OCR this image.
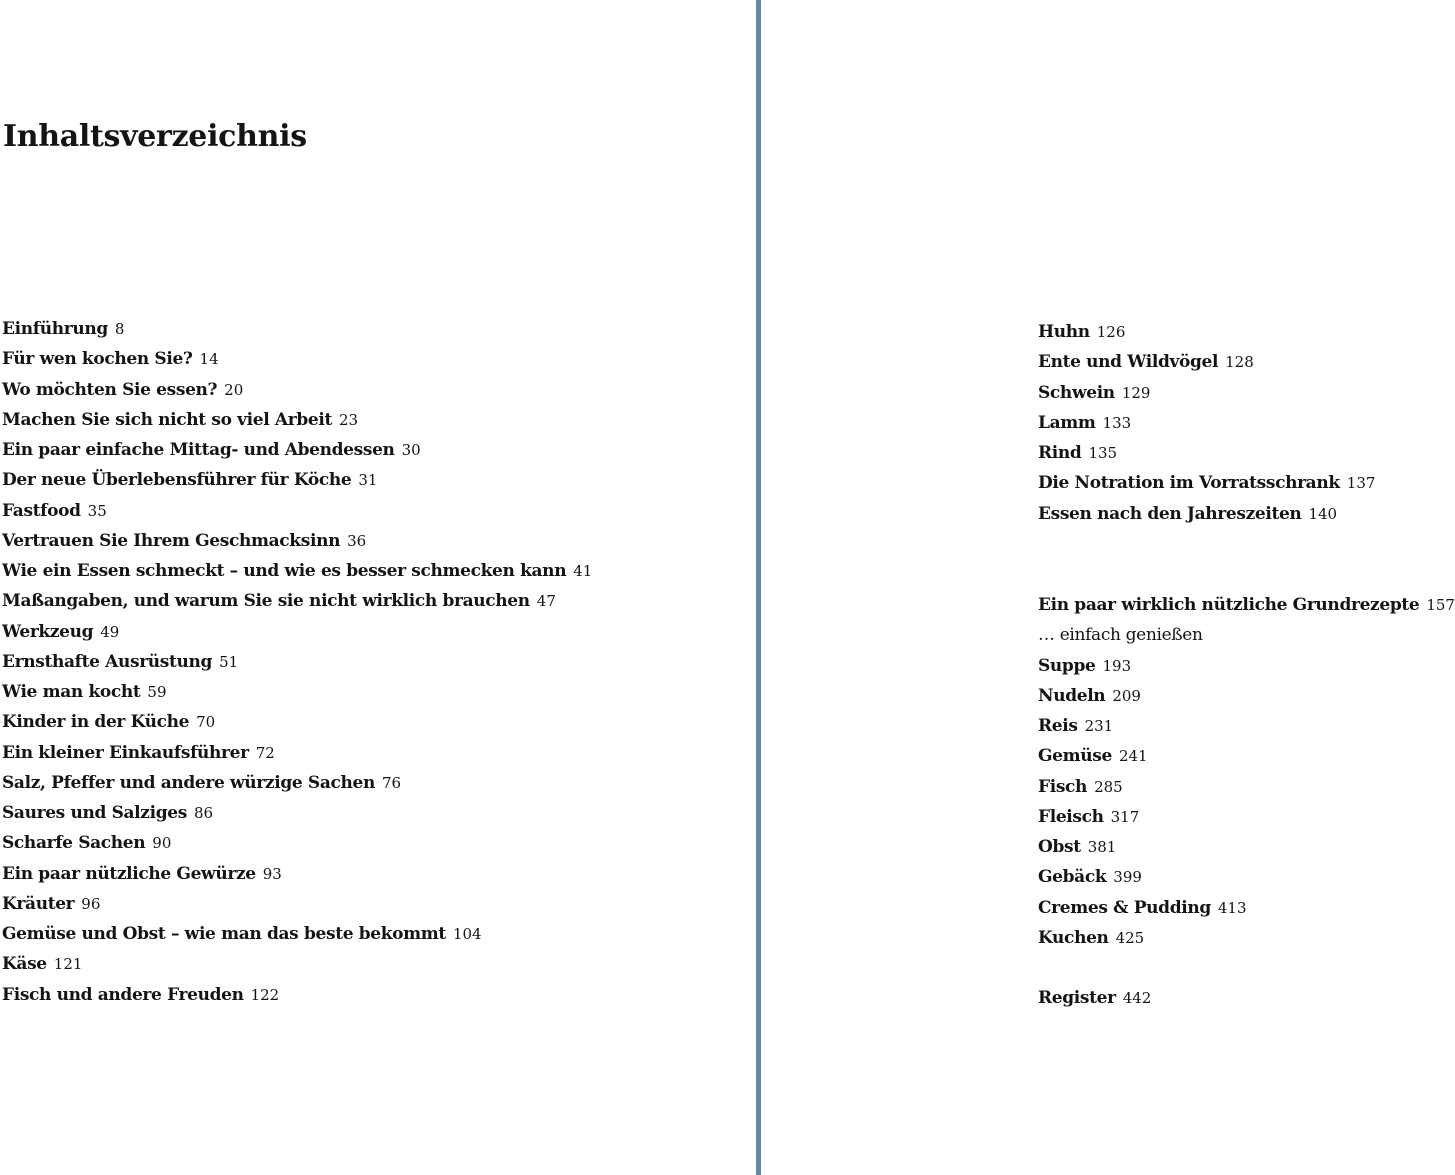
Inhaltsverzeichnis
Einführung 8
Für wen kochen Sie? 14
Wo möchten Sie essen? 20
Machen Sie sich nicht so viel Arbeit 23
Ein paar einfache Mittag- und Abendessen 30
Der neue Überlebensführer für Köche 31
Fastfood 35
Vertrauen Sie Ihrem Geschmacksinn 36
Wie ein Essen schmeckt – und wie es besser schmecken kann 41
Maßangaben, und warum Sie sie nicht wirklich brauchen 47
Werkzeug 49
Ernsthafte Ausrüstung 51
Wie man kocht 59
Kinder in der Küche 70
Ein kleiner Einkaufsführer 72
Salz, Pfeffer und andere würzige Sachen 76
Saures und Salziges 86
Scharfe Sachen 90
Ein paar nützliche Gewürze 93
Kräuter 96
Gemüse und Obst – wie man das beste bekommt 104
Käse 121
Fisch und andere Freuden 122
Huhn 126
Ente und Wildvögel 128
Schwein 129
Lamm 133
Rind 135
Die Notration im Vorratsschrank 137
Essen nach den Jahreszeiten 140
Ein paar wirklich nützliche Grundrezepte 157
… einfach genießen
Suppe 193
Nudeln 209
Reis 231
Gemüse 241
Fisch 285
Fleisch 317
Obst 381
Gebäck 399
Cremes & Pudding 413
Kuchen 425
Register 442
